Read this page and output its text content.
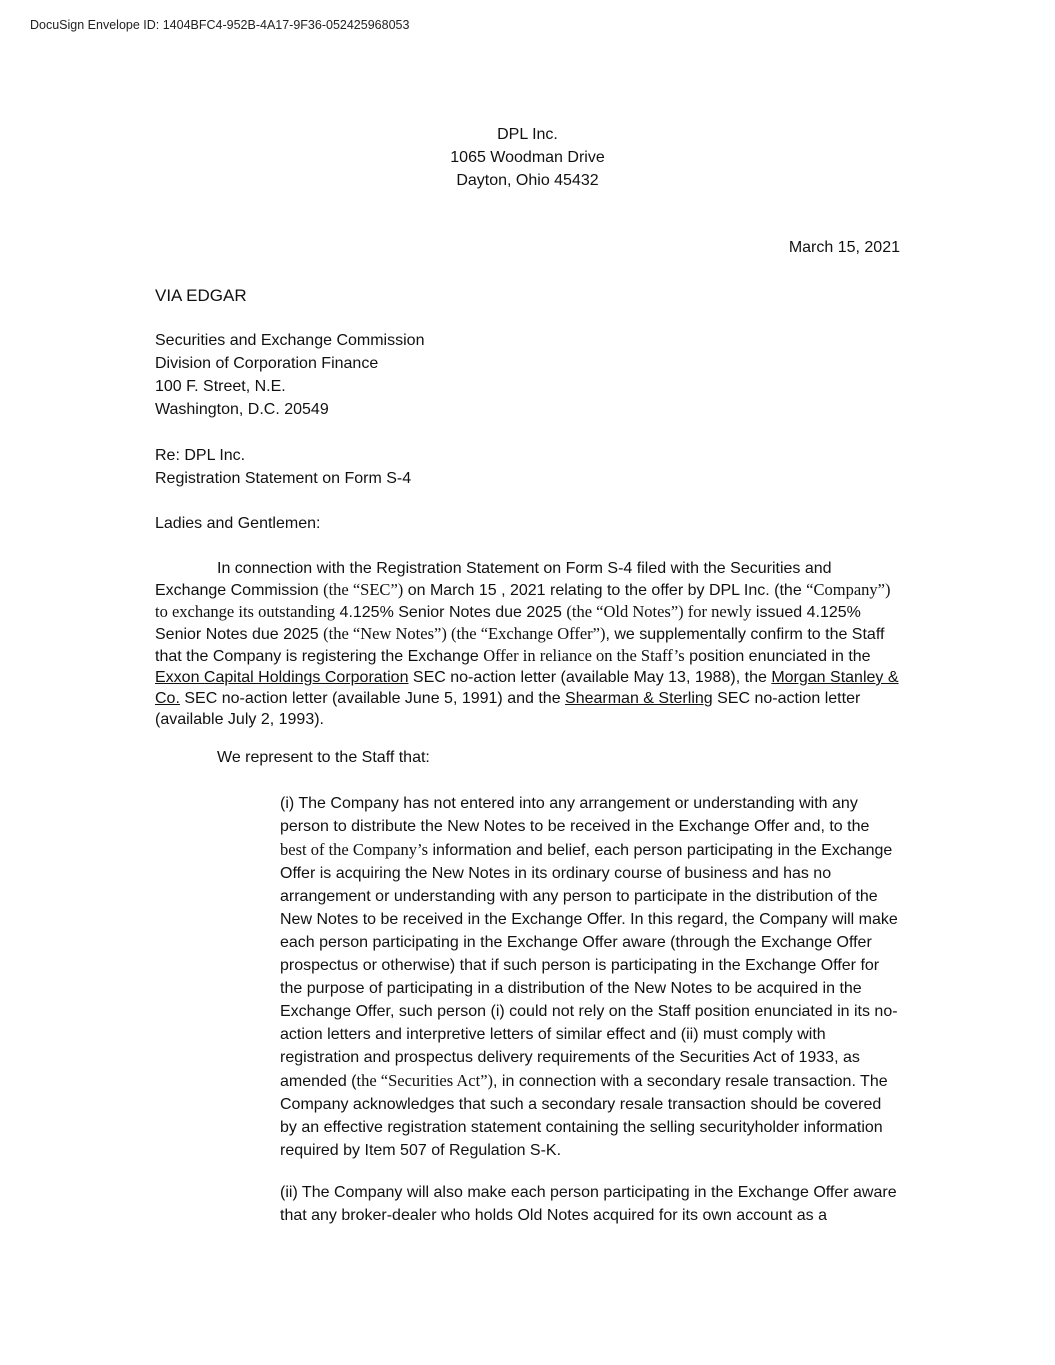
DocuSign Envelope ID: 1404BFC4-952B-4A17-9F36-052425968053
DPL Inc.
1065 Woodman Drive
Dayton, Ohio 45432
March 15, 2021
VIA EDGAR
Securities and Exchange Commission
Division of Corporation Finance
100 F. Street, N.E.
Washington, D.C. 20549
Re: DPL Inc.
Registration Statement on Form S-4
Ladies and Gentlemen:

In connection with the Registration Statement on Form S-4 filed with the Securities and Exchange Commission (the “SEC”) on March 15 , 2021 relating to the offer by DPL Inc. (the “Company”) to exchange its outstanding 4.125% Senior Notes due 2025 (the “Old Notes”) for newly issued 4.125% Senior Notes due 2025 (the “New Notes”) (the “Exchange Offer”), we supplementally confirm to the Staff that the Company is registering the Exchange Offer in reliance on the Staff’s position enunciated in the Exxon Capital Holdings Corporation SEC no-action letter (available May 13, 1988), the Morgan Stanley & Co. SEC no-action letter (available June 5, 1991) and the Shearman & Sterling SEC no-action letter (available July 2, 1993).

We represent to the Staff that:
(i) The Company has not entered into any arrangement or understanding with any person to distribute the New Notes to be received in the Exchange Offer and, to the best of the Company’s information and belief, each person participating in the Exchange Offer is acquiring the New Notes in its ordinary course of business and has no arrangement or understanding with any person to participate in the distribution of the New Notes to be received in the Exchange Offer. In this regard, the Company will make each person participating in the Exchange Offer aware (through the Exchange Offer prospectus or otherwise) that if such person is participating in the Exchange Offer for the purpose of participating in a distribution of the New Notes to be acquired in the Exchange Offer, such person (i) could not rely on the Staff position enunciated in its no-action letters and interpretive letters of similar effect and (ii) must comply with registration and prospectus delivery requirements of the Securities Act of 1933, as amended (the “Securities Act”), in connection with a secondary resale transaction. The Company acknowledges that such a secondary resale transaction should be covered by an effective registration statement containing the selling securityholder information required by Item 507 of Regulation S-K.
(ii) The Company will also make each person participating in the Exchange Offer aware that any broker-dealer who holds Old Notes acquired for its own account as a
